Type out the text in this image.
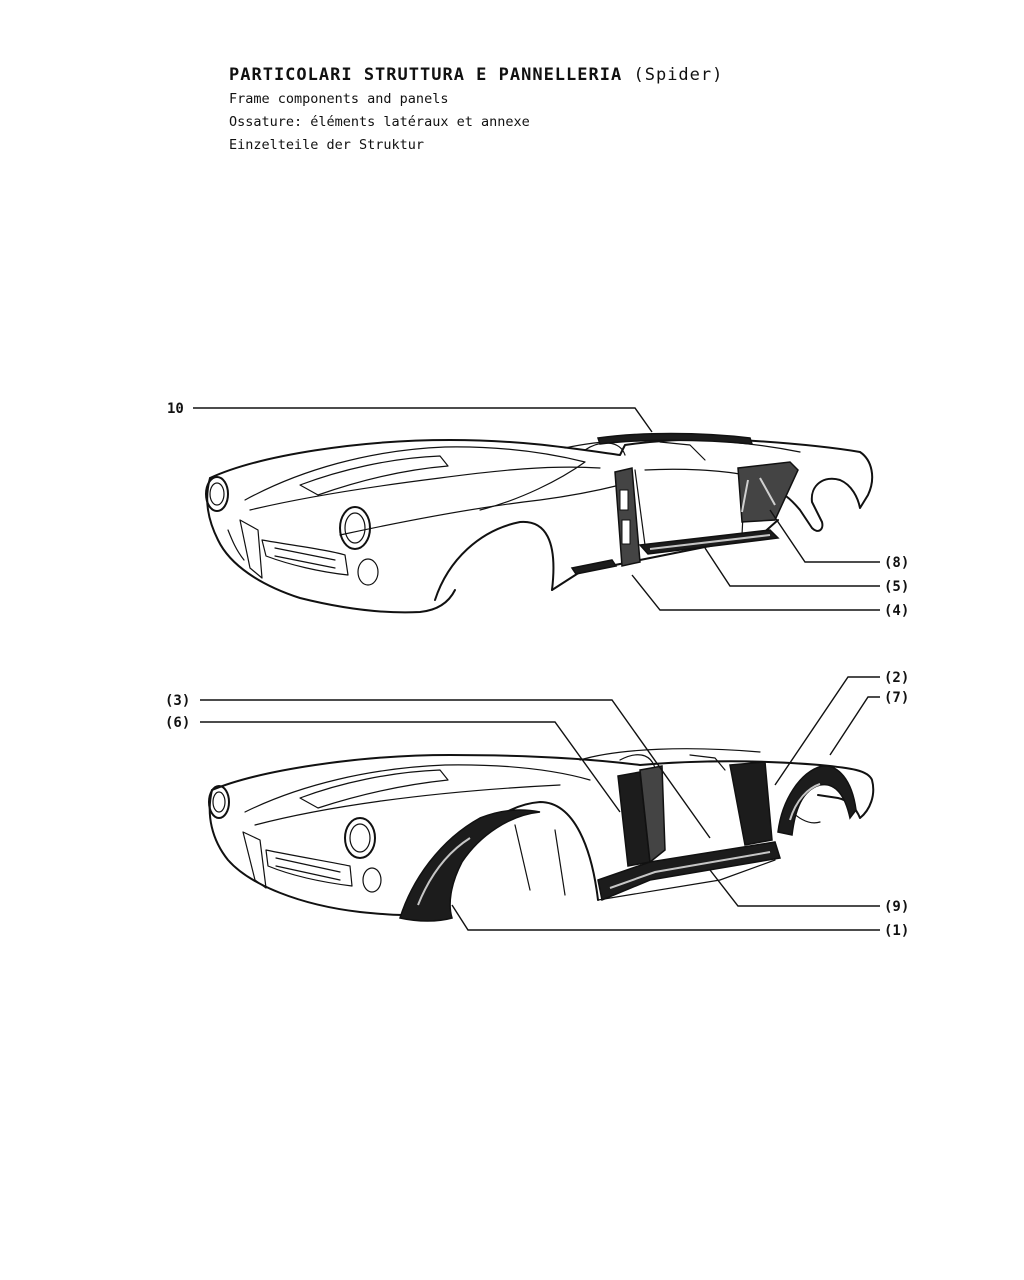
PARTICOLARI STRUTTURA E PANNELLERIA (Spider)

Frame components and panels

Ossature: éléments latéraux et annexe

Einzelteile der Struktur

10
(8)
(5)
(4)
(2)
(7)
(3)
(6)
(9)
(1)
